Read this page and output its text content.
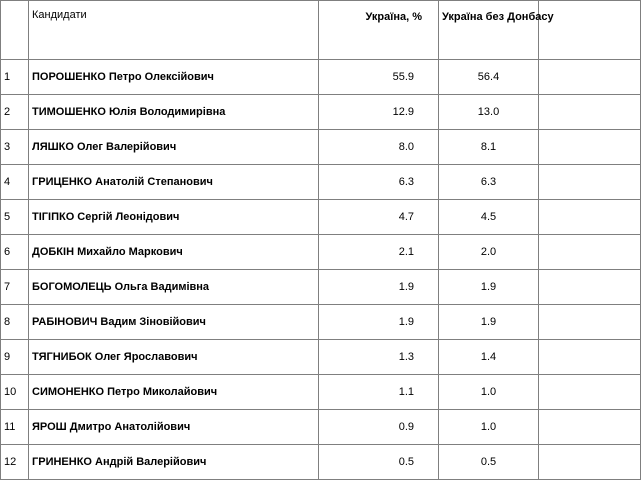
	Кандидати	Україна, %	Україна без Донбасу	
1	ПОРОШЕНКО Петро Олексійович	55.9	56.4	
2	ТИМОШЕНКО Юлія Володимирівна	12.9	13.0	
3	ЛЯШКО Олег Валерійович	8.0	8.1	
4	ГРИЦЕНКО Анатолій Степанович	6.3	6.3	
5	ТІГІПКО Сергій Леонідович	4.7	4.5	
6	ДОБКІН Михайло Маркович	2.1	2.0	
7	БОГОМОЛЕЦЬ Ольга Вадимівна	1.9	1.9	
8	РАБІНОВИЧ Вадим Зіновійович	1.9	1.9	
9	ТЯГНИБОК Олег Ярославович	1.3	1.4	
10	СИМОНЕНКО Петро Миколайович	1.1	1.0	
11	ЯРОШ Дмитро Анатолійович	0.9	1.0	
12	ГРИНЕНКО Андрій Валерійович	0.5	0.5	
